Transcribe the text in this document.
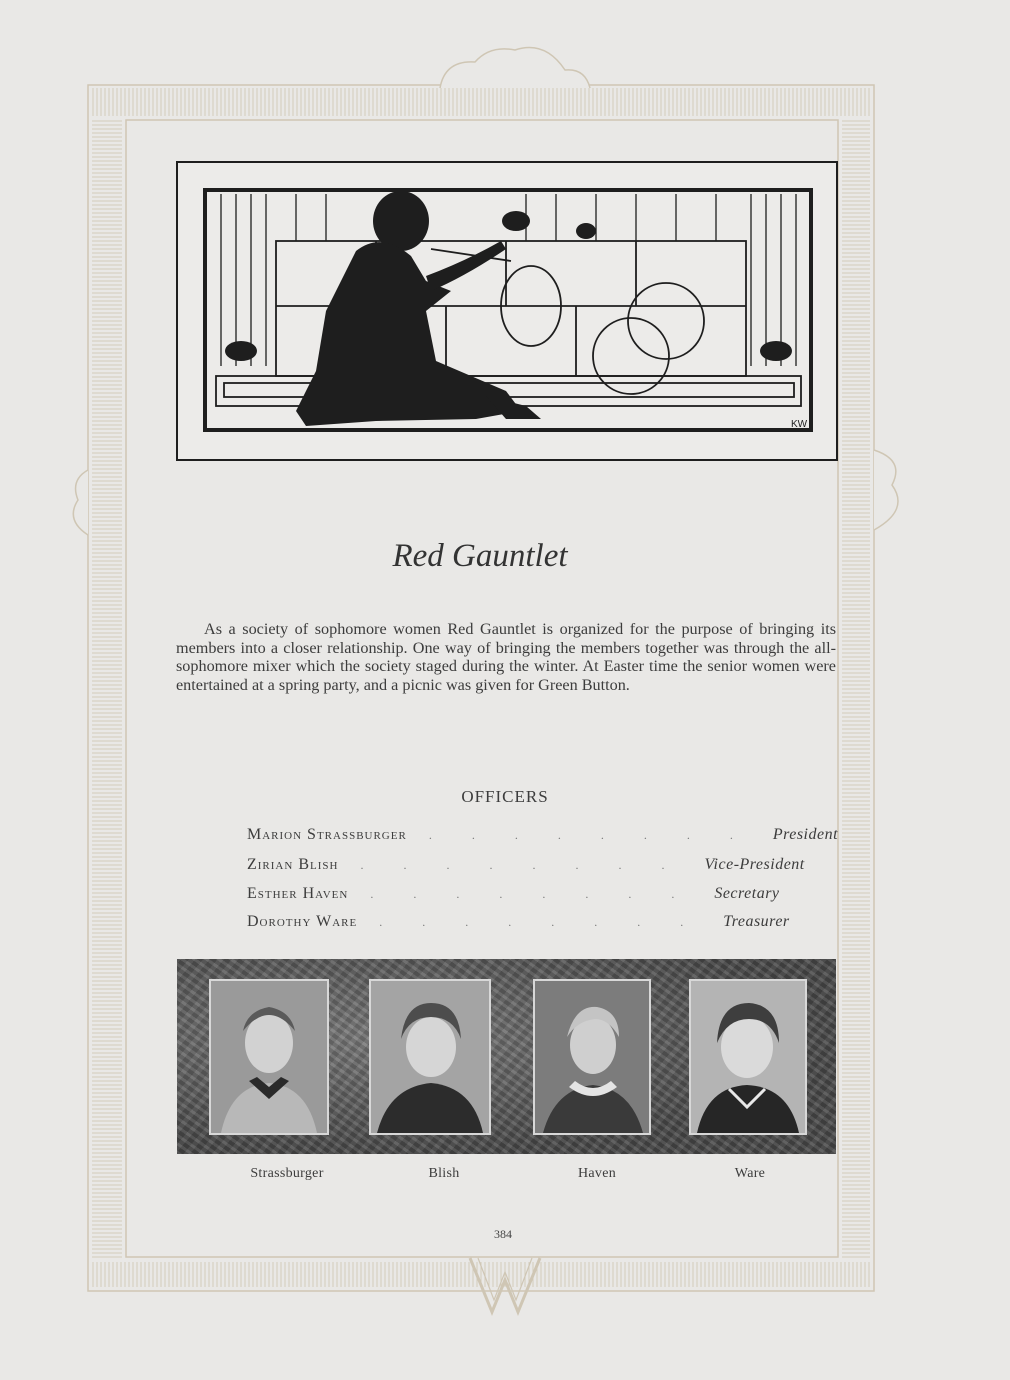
KW
Red Gauntlet
As a society of sophomore women Red Gauntlet is organized for the purpose of bringing its members into a closer relationship. One way of bringing the members together was through the all-sophomore mixer which the society staged during the winter. At Easter time the senior women were entertained at a spring party, and a picnic was given for Green Button.
OFFICERS
Marion Strassburger	........ President
Zirian Blish	........ Vice-President
Esther Haven	........ Secretary
Dorothy Ware	........ Treasurer
Strassburger	Blish	Haven	Ware
384
